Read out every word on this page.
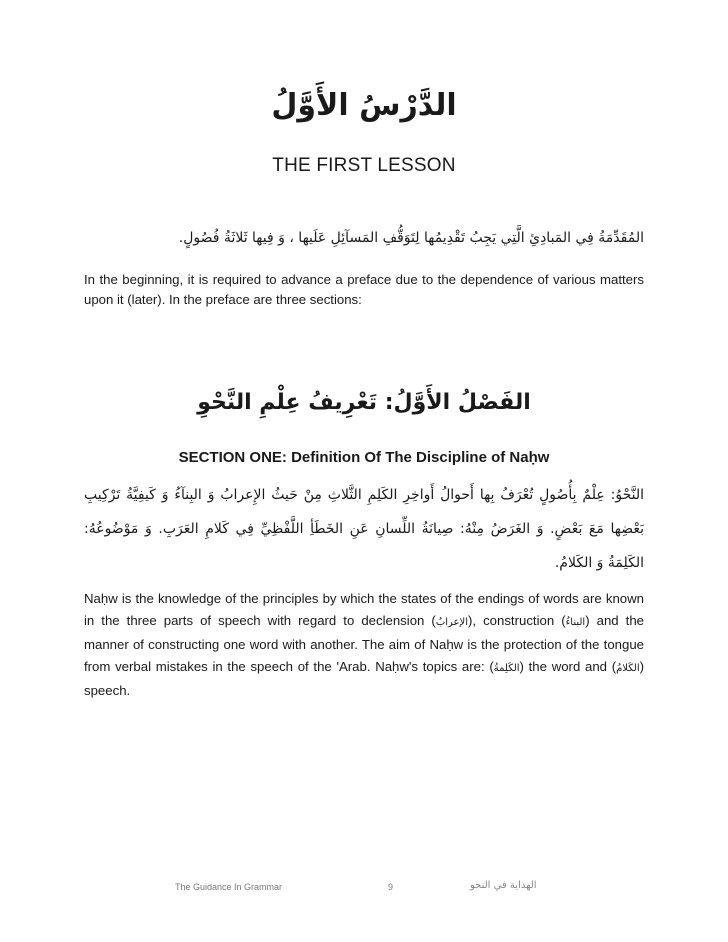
الدَّرْسُ الأَوَّلُ
THE FIRST LESSON
المُقَدِّمَةُ فِي المَبادِئِ الَّتِي يَجِبُ تَقْدِيمُها لِتَوَقُّفِ المَسآئِلِ عَلَيها ، وَ فِيها ثَلاثَةُ فُصُولٍ.
In the beginning, it is required to advance a preface due to the dependence of various matters upon it (later). In the preface are three sections:
الفَصْلُ الأَوَّلُ: تَعْرِيفُ عِلْمِ النَّحْوِ
SECTION ONE: Definition Of The Discipline of Naḥw
النَّحْوُ: عِلْمٌ بِأُصُولٍ تُعْرَفُ بِها أَحوالُ أَواخِرِ الكَلِمِ الثَّلاثِ مِنْ حَيثُ الإِعرابُ وَ البِنآءُ وَ كَيفِيَّةُ تَرْكِيبِ بَعْضِها مَعَ بَعْضٍ. وَ الغَرَضُ مِنْهُ: صِيانَةُ اللِّسانِ عَنِ الخَطَأِ اللَّفْظِيِّ فِي كَلامِ العَرَبِ. وَ مَوْضُوعُهُ: الكَلِمَةُ وَ الكَلامُ.
Naḥw is the knowledge of the principles by which the states of the endings of words are known in the three parts of speech with regard to declension (الإعرابُ), construction (البناءُ) and the manner of constructing one word with another. The aim of Naḥw is the protection of the tongue from verbal mistakes in the speech of the 'Arab. Naḥw's topics are: (الكَلِمةُ) the word and (الكَلامُ) speech.
The Guidance In Grammar	9	الهداية في النحو
